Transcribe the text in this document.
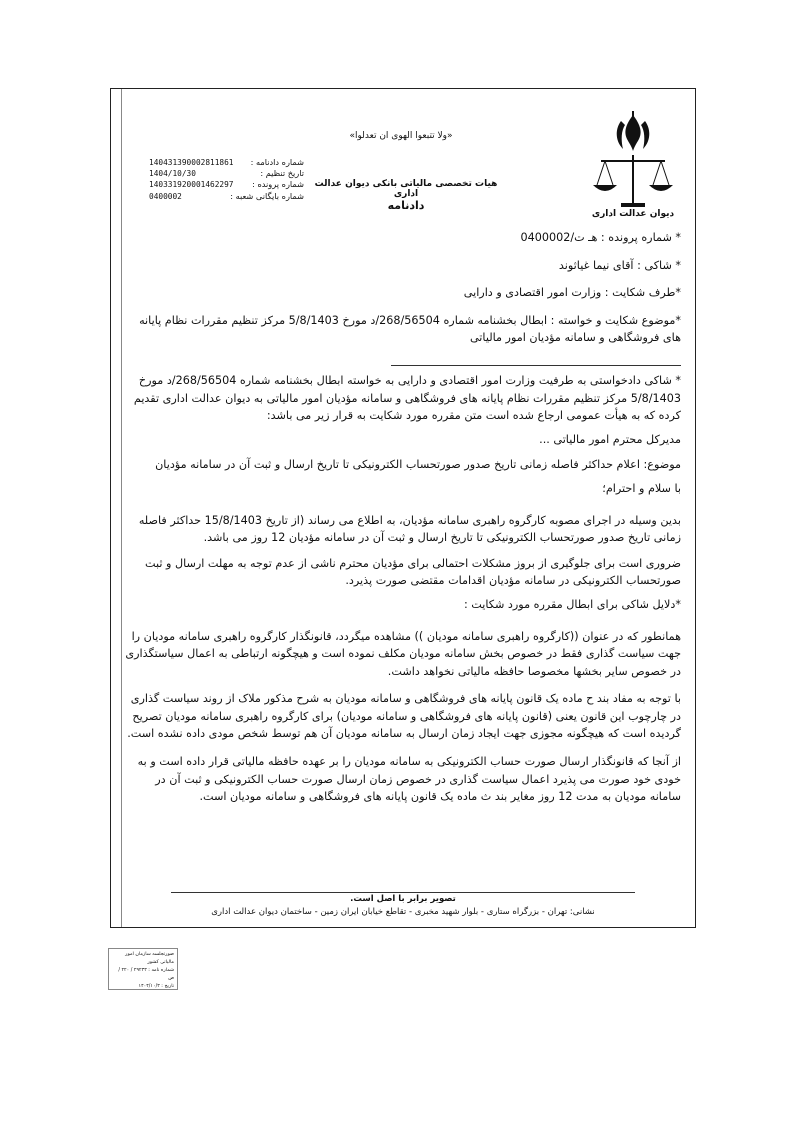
دیوان عدالت اداری
«ولا تتبعوا الهوی ان تعدلوا»
هیات تخصصی مالیاتی بانکی دیوان عدالت اداری
دادنامه
شماره دادنامه :
140431390002811861
تاریخ تنظیم :
1404/10/30
شماره پرونده :
140331920001462297
شماره بایگانی شعبه :
0400002

* شماره پرونده : هـ ت/0400002

* شاکی : آقای نیما غیاثوند

*طرف شکایت : وزارت امور اقتصادی و دارایی

*موضوع شکایت و خواسته : ابطال بخشنامه شماره 268/56504/د مورخ 5/8/1403 مرکز تنظیم مقررات نظام پایانه های فروشگاهی و سامانه مؤدیان امور مالیاتی

* شاکی دادخواستی به طرفیت وزارت امور اقتصادی و دارایی به خواسته ابطال بخشنامه شماره 268/56504/د مورخ 5/8/1403 مرکز تنظیم مقررات نظام پایانه های فروشگاهی و سامانه مؤدیان امور مالیاتی به دیوان عدالت اداری تقدیم کرده که به هیأت عمومی ارجاع شده است متن مقرره مورد شکایت به قرار زیر می باشد:

مدیرکل محترم امور مالیاتی ...

موضوع: اعلام حداکثر فاصله زمانی تاریخ صدور صورتحساب الکترونیکی تا تاریخ ارسال و ثبت آن در سامانه مؤدیان

با سلام و احترام؛

بدین وسیله در اجرای مصوبه کارگروه راهبری سامانه مؤدیان، به اطلاع می رساند (از تاریخ 15/8/1403 حداکثر فاصله زمانی تاریخ صدور صورتحساب الکترونیکی تا تاریخ ارسال و ثبت آن در سامانه مؤدیان 12 روز می باشد.

ضروری است برای جلوگیری از بروز مشکلات احتمالی برای مؤدیان محترم ناشی از عدم توجه به مهلت ارسال و ثبت صورتحساب الکترونیکی در سامانه مؤدیان اقدامات مقتضی صورت پذیرد.

*دلایل شاکی برای ابطال مقرره مورد شکایت :

همانطور که در عنوان ((کارگروه راهبری سامانه مودیان )) مشاهده میگردد، قانونگذار کارگروه راهبری سامانه مودیان را جهت سیاست گذاری فقط در خصوص بخش سامانه مودیان مکلف نموده است و هیچگونه ارتباطی به اعمال سیاستگذاری در خصوص سایر بخشها مخصوصا حافظه مالیاتی نخواهد داشت.

با توجه به مفاد بند ح ماده یک قانون پایانه های فروشگاهی و سامانه مودیان به شرح مذکور ملاک از روند سیاست گذاری در چارچوب این قانون یعنی (قانون پایانه های فروشگاهی و سامانه مودیان) برای کارگروه راهبری سامانه مودیان تصریح گردیده است که هیچگونه مجوزی جهت ایجاد زمان ارسال به سامانه مودیان آن هم توسط شخص مودی داده نشده است.

از آنجا که قانونگذار ارسال صورت حساب الکترونیکی به سامانه مودیان را بر عهده حافظه مالیاتی قرار داده است و به خودی خود صورت می پذیرد اعمال سیاست گذاری در خصوص زمان ارسال صورت حساب الکترونیکی و ثبت آن در سامانه مودیان به مدت 12 روز مغایر بند ث ماده یک قانون پایانه های فروشگاهی و سامانه مودیان است.

تصویر برابر با اصل است.
نشانی: تهران - بزرگراه ستاری - بلوار شهید مخبری - تقاطع خیابان ایران زمین - ساختمان دیوان عدالت اداری
صورتجلسه سازمان امور مالیاتی کشور
شماره نامه : ۲۹۲۳۳ / ۲۲۰ / ص
تاریخ : ۱۴۰۴/۱۰/۳
